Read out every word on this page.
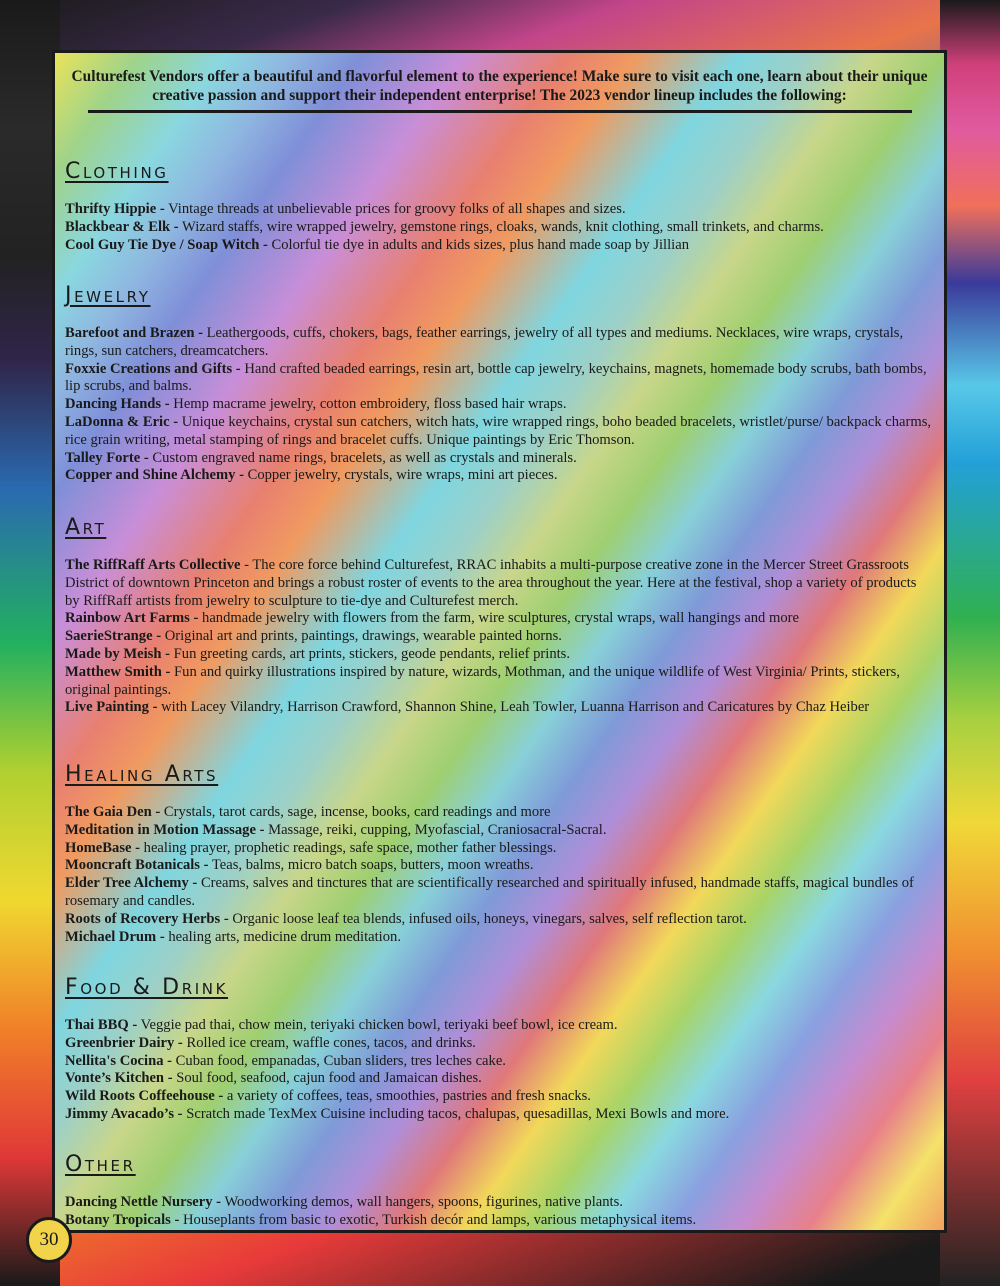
Culturefest Vendors offer a beautiful and flavorful element to the experience! Make sure to visit each one, learn about their unique creative passion and support their independent enterprise! The 2023 vendor lineup includes the following:

Clothing

Thrifty Hippie - Vintage threads at unbelievable prices for groovy folks of all shapes and sizes.

Blackbear & Elk - Wizard staffs, wire wrapped jewelry, gemstone rings, cloaks, wands, knit clothing, small trinkets, and charms.

Cool Guy Tie Dye / Soap Witch - Colorful tie dye in adults and kids sizes, plus hand made soap by Jillian

Jewelry

Barefoot and Brazen - Leathergoods, cuffs, chokers, bags, feather earrings, jewelry of all types and mediums. Necklaces, wire wraps, crystals, rings, sun catchers, dreamcatchers.

Foxxie Creations and Gifts - Hand crafted beaded earrings, resin art, bottle cap jewelry, keychains, magnets, homemade body scrubs, bath bombs, lip scrubs, and balms.

Dancing Hands - Hemp macrame jewelry, cotton embroidery, floss based hair wraps.

LaDonna & Eric - Unique keychains, crystal sun catchers, witch hats, wire wrapped rings, boho beaded bracelets, wristlet/purse/ backpack charms, rice grain writing, metal stamping of rings and bracelet cuffs. Unique paintings by Eric Thomson.

Talley Forte - Custom engraved name rings, bracelets, as well as crystals and minerals.

Copper and Shine Alchemy - Copper jewelry, crystals, wire wraps, mini art pieces.

Art

The RiffRaff Arts Collective - The core force behind Culturefest, RRAC inhabits a multi-purpose creative zone in the Mercer Street Grassroots District of downtown Princeton and brings a robust roster of events to the area throughout the year. Here at the festival, shop a variety of products by RiffRaff artists from jewelry to sculpture to tie-dye and Culturefest merch.

Rainbow Art Farms - handmade jewelry with flowers from the farm, wire sculptures, crystal wraps, wall hangings and more

SaerieStrange - Original art and prints, paintings, drawings, wearable painted horns.

Made by Meish - Fun greeting cards, art prints, stickers, geode pendants, relief prints.

Matthew Smith - Fun and quirky illustrations inspired by nature, wizards, Mothman, and the unique wildlife of West Virginia/ Prints, stickers, original paintings.

Live Painting - with Lacey Vilandry, Harrison Crawford, Shannon Shine, Leah Towler, Luanna Harrison and Caricatures by Chaz Heiber

Healing Arts

The Gaia Den - Crystals, tarot cards, sage, incense, books, card readings and more

Meditation in Motion Massage - Massage, reiki, cupping, Myofascial, Craniosacral-Sacral.

HomeBase - healing prayer, prophetic readings, safe space, mother father blessings.

Mooncraft Botanicals - Teas, balms, micro batch soaps, butters, moon wreaths.

Elder Tree Alchemy - Creams, salves and tinctures that are scientifically researched and spiritually infused, handmade staffs, magical bundles of rosemary and candles.

Roots of Recovery Herbs - Organic loose leaf tea blends, infused oils, honeys, vinegars, salves, self reflection tarot.

Michael Drum - healing arts, medicine drum meditation.

Food & Drink

Thai BBQ - Veggie pad thai, chow mein, teriyaki chicken bowl, teriyaki beef bowl, ice cream.

Greenbrier Dairy - Rolled ice cream, waffle cones, tacos, and drinks.

Nellita's Cocina - Cuban food, empanadas, Cuban sliders, tres leches cake.

Vonte’s Kitchen - Soul food, seafood, cajun food and Jamaican dishes.

Wild Roots Coffeehouse - a variety of coffees, teas, smoothies, pastries and fresh snacks.

Jimmy Avacado’s - Scratch made TexMex Cuisine including tacos, chalupas, quesadillas, Mexi Bowls and more.

Other

Dancing Nettle Nursery - Woodworking demos, wall hangers, spoons, figurines, native plants.

Botany Tropicals - Houseplants from basic to exotic, Turkish decór and lamps, various metaphysical items.

30
